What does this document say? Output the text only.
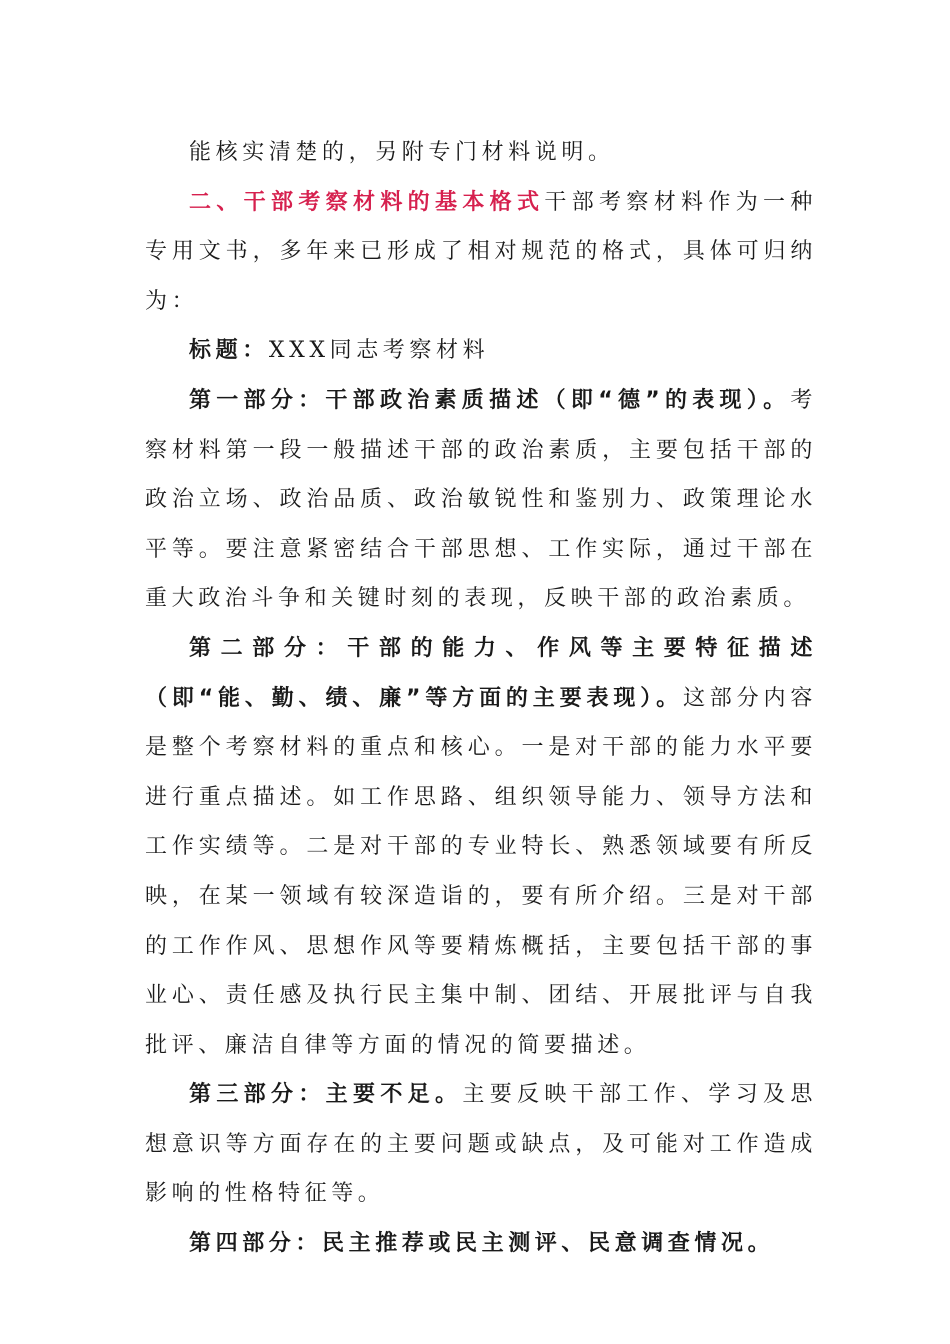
能核实清楚的，另附专门材料说明。

二、干部考察材料的基本格式干部考察材料作为一种专用文书，多年来已形成了相对规范的格式，具体可归纳为：

标题：XXX同志考察材料

第一部分：干部政治素质描述（即“德”的表现）。考察材料第一段一般描述干部的政治素质，主要包括干部的政治立场、政治品质、政治敏锐性和鉴别力、政策理论水平等。要注意紧密结合干部思想、工作实际，通过干部在重大政治斗争和关键时刻的表现，反映干部的政治素质。

第二部分：干部的能力、作风等主要特征描述（即“能、勤、绩、廉”等方面的主要表现）。这部分内容是整个考察材料的重点和核心。一是对干部的能力水平要进行重点描述。如工作思路、组织领导能力、领导方法和工作实绩等。二是对干部的专业特长、熟悉领域要有所反映，在某一领域有较深造诣的，要有所介绍。三是对干部的工作作风、思想作风等要精炼概括，主要包括干部的事业心、责任感及执行民主集中制、团结、开展批评与自我批评、廉洁自律等方面的情况的简要描述。

第三部分：主要不足。主要反映干部工作、学习及思想意识等方面存在的主要问题或缺点，及可能对工作造成影响的性格特征等。

第四部分：民主推荐或民主测评、民意调查情况。
